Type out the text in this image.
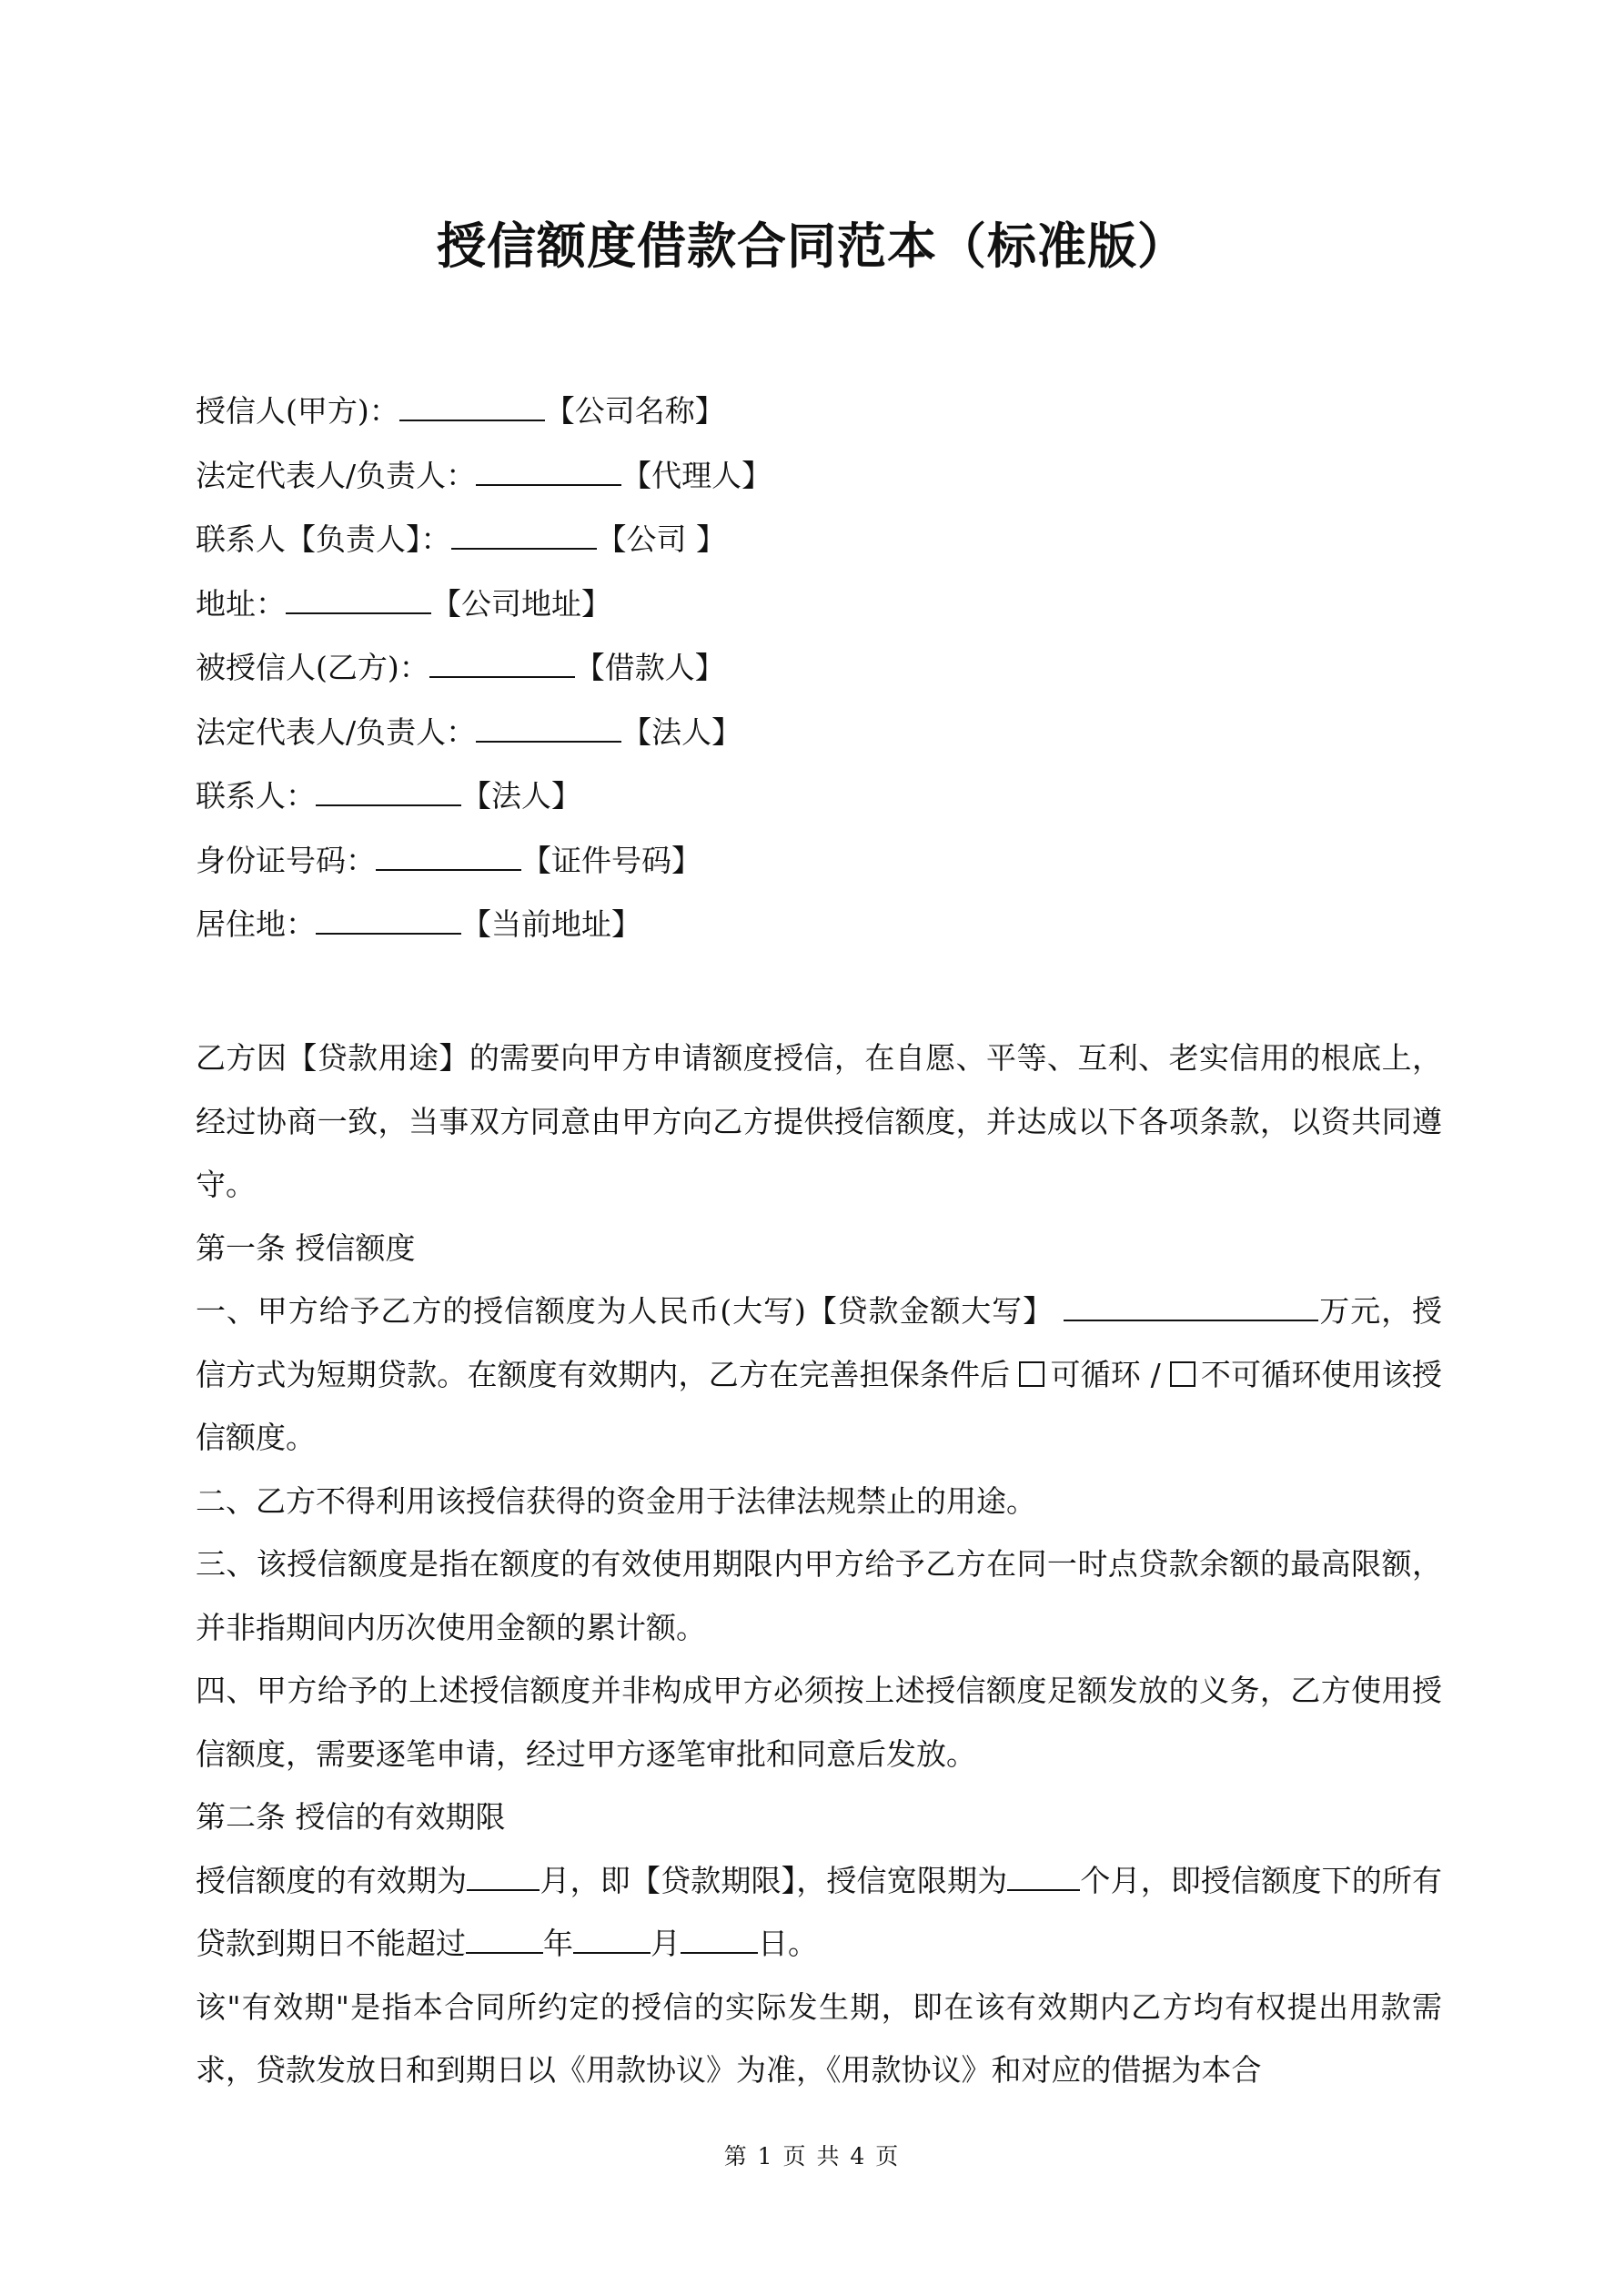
授信额度借款合同范本（标准版）
授信人(甲方)：	【公司名称】
法定代表人/负责人：	【代理人】
联系人【负责人】：	【公司 】
地址：	【公司地址】
被授信人(乙方)：	【借款人】
法定代表人/负责人：	【法人】
联系人：	【法人】
身份证号码：	【证件号码】
居住地：	【当前地址】

乙方因【贷款用途】的需要向甲方申请额度授信，在自愿、平等、互利、老实信用的根底上，经过协商一致，当事双方同意由甲方向乙方提供授信额度，并达成以下各项条款，以资共同遵守。

第一条 授信额度

一、甲方给予乙方的授信额度为人民币(大写)【贷款金额大写】	万元，授信方式为短期贷款。在额度有效期内，乙方在完善担保条件后 可循环 / 不可循环使用该授信额度。

二、乙方不得利用该授信获得的资金用于法律法规禁止的用途。

三、该授信额度是指在额度的有效使用期限内甲方给予乙方在同一时点贷款余额的最高限额，并非指期间内历次使用金额的累计额。

四、甲方给予的上述授信额度并非构成甲方必须按上述授信额度足额发放的义务，乙方使用授信额度，需要逐笔申请，经过甲方逐笔审批和同意后发放。

第二条 授信的有效期限

授信额度的有效期为 月，即【贷款期限】，授信宽限期为 个月，即授信额度下的所有贷款到期日不能超过	年	月	日。

该"有效期"是指本合同所约定的授信的实际发生期，即在该有效期内乙方均有权提出用款需求，贷款发放日和到期日以《用款协议》为准，《用款协议》和对应的借据为本合

第 1 页 共 4 页
